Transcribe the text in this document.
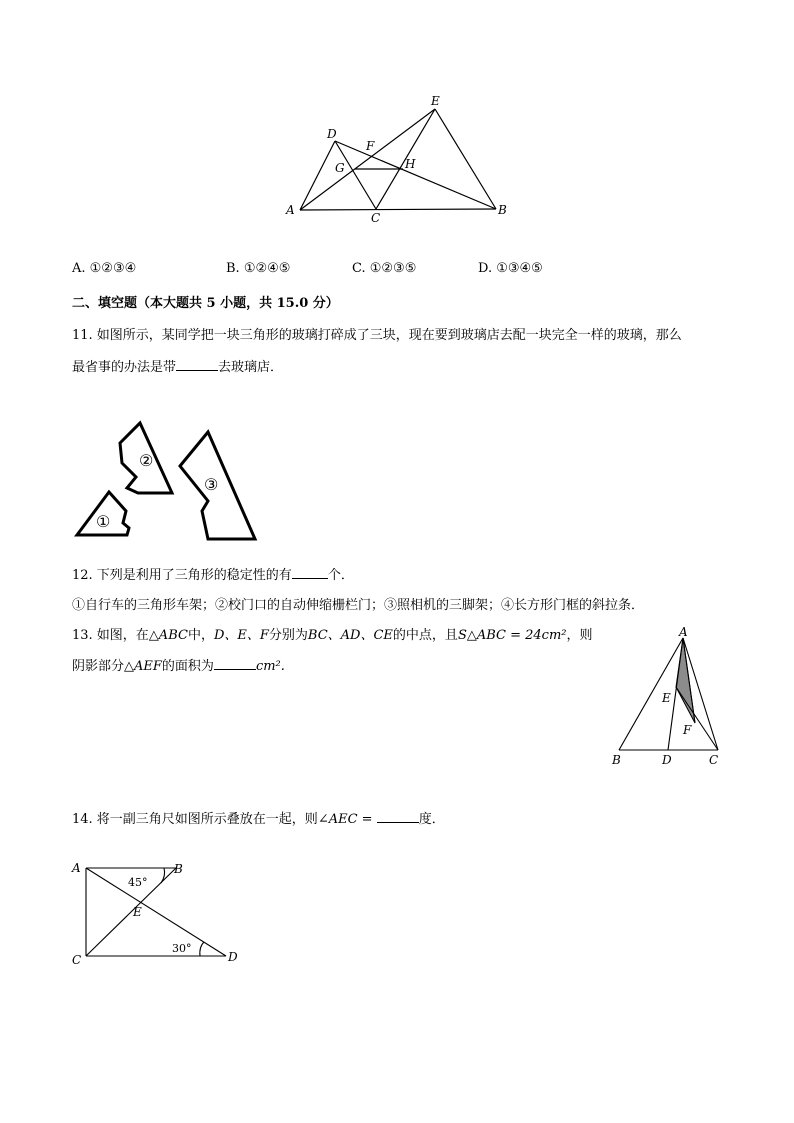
A	B
C
D
E
F
G	H
A. ①②③④	B. ①②④⑤	C. ①②③⑤	D. ①③④⑤
二、填空题（本大题共 5 小题，共 15.0 分）
11. 如图所示，某同学把一块三角形的玻璃打碎成了三块，现在要到玻璃店去配一块完全一样的玻璃，那么
最省事的办法是带	去玻璃店．
①
②
③
12. 下列是利用了三角形的稳定性的有	个．
①自行车的三角形车架；②校门口的自动伸缩栅栏门；③照相机的三脚架；④长方形门框的斜拉条．
13. 如图，在△ABC中，D、E、F分别为BC、AD、CE的中点，且S△ABC = 24cm²，则
阴影部分△AEF的面积为	cm².
A
B	C
D
E
F
14. 将一副三角尺如图所示叠放在一起，则∠AEC =	度．
A	B
C	D
E
45°
30°
